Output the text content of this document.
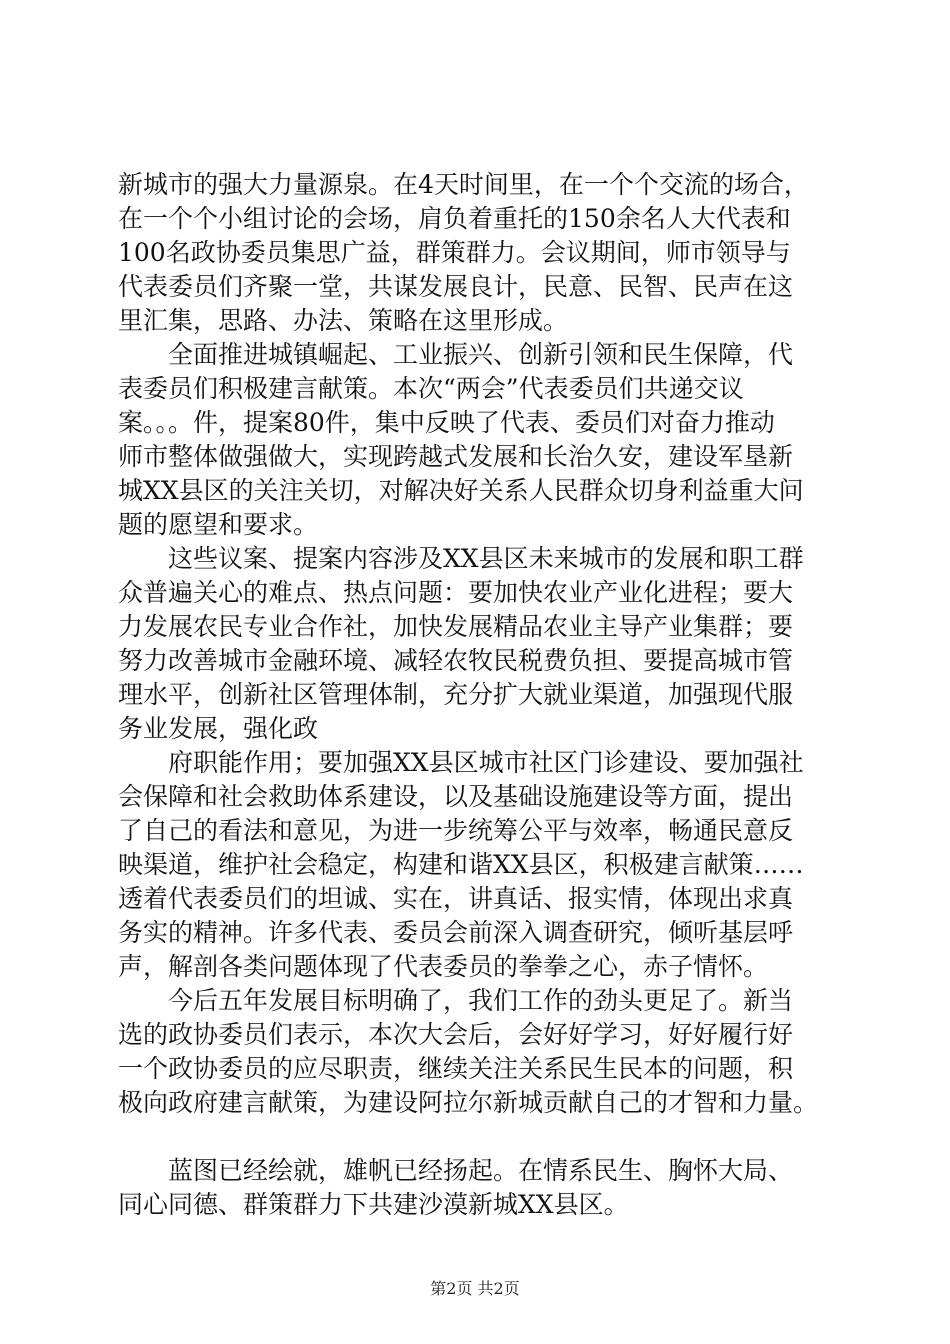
新城市的强大力量源泉。在4天时间里，在一个个交流的场合，
在一个个小组讨论的会场，肩负着重托的150余名人大代表和
100名政协委员集思广益，群策群力。会议期间，师市领导与
代表委员们齐聚一堂，共谋发展良计，民意、民智、民声在这
里汇集，思路、办法、策略在这里形成。
全面推进城镇崛起、工业振兴、创新引领和民生保障，代
表委员们积极建言献策。本次“两会”代表委员们共递交议
案。。。件，提案80件，集中反映了代表、委员们对奋力推动
师市整体做强做大，实现跨越式发展和长治久安，建设军垦新
城XX县区的关注关切，对解决好关系人民群众切身利益重大问
题的愿望和要求。
这些议案、提案内容涉及XX县区未来城市的发展和职工群
众普遍关心的难点、热点问题：要加快农业产业化进程；要大
力发展农民专业合作社，加快发展精品农业主导产业集群；要
努力改善城市金融环境、减轻农牧民税费负担、要提高城市管
理水平，创新社区管理体制，充分扩大就业渠道，加强现代服
务业发展，强化政
府职能作用；要加强XX县区城市社区门诊建设、要加强社
会保障和社会救助体系建设，以及基础设施建设等方面，提出
了自己的看法和意见，为进一步统筹公平与效率，畅通民意反
映渠道，维护社会稳定，构建和谐XX县区，积极建言献策……
透着代表委员们的坦诚、实在，讲真话、报实情，体现出求真
务实的精神。许多代表、委员会前深入调查研究，倾听基层呼
声，解剖各类问题体现了代表委员的拳拳之心，赤子情怀。
今后五年发展目标明确了，我们工作的劲头更足了。新当
选的政协委员们表示，本次大会后，会好好学习，好好履行好
一个政协委员的应尽职责，继续关注关系民生民本的问题，积
极向政府建言献策，为建设阿拉尔新城贡献自己的才智和力量。
蓝图已经绘就，雄帆已经扬起。在情系民生、胸怀大局、
同心同德、群策群力下共建沙漠新城XX县区。
第2页 共2页
